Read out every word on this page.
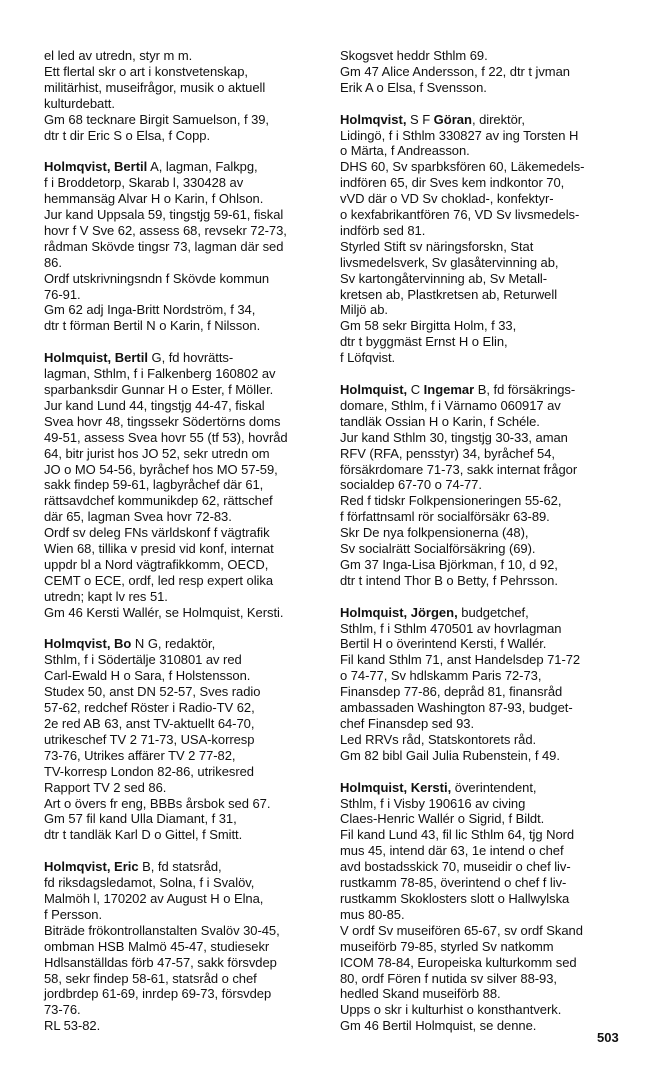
el led av utredn, styr m m.
Ett flertal skr o art i konstvetenskap,
militärhist, museifrågor, musik o aktuell
kulturdebatt.
Gm 68 tecknare Birgit Samuelson, f 39,
dtr t dir Eric S o Elsa, f Copp.
Holmqvist, Bertil A, lagman, Falkpg,
f i Broddetorp, Skarab l, 330428 av
hemmansäg Alvar H o Karin, f Ohlson.
Jur kand Uppsala 59, tingstjg 59-61, fiskal
hovr f V Sve 62, assess 68, revsekr 72-73,
rådman Skövde tingsr 73, lagman där sed
86.
Ordf utskrivningsndn f Skövde kommun
76-91.
Gm 62 adj Inga-Britt Nordström, f 34,
dtr t förman Bertil N o Karin, f Nilsson.
Holmquist, Bertil G, fd hovrätts-
lagman, Sthlm, f i Falkenberg 160802 av
sparbanksdir Gunnar H o Ester, f Möller.
Jur kand Lund 44, tingstjg 44-47, fiskal
Svea hovr 48, tingssekr Södertörns doms
49-51, assess Svea hovr 55 (tf 53), hovråd
64, bitr jurist hos JO 52, sekr utredn om
JO o MO 54-56, byråchef hos MO 57-59,
sakk findep 59-61, lagbyråchef där 61,
rättsavdchef kommunikdep 62, rättschef
där 65, lagman Svea hovr 72-83.
Ordf sv deleg FNs världskonf f vägtrafik
Wien 68, tillika v presid vid konf, internat
uppdr bl a Nord vägtrafikkomm, OECD,
CEMT o ECE, ordf, led resp expert olika
utredn; kapt lv res 51.
Gm 46 Kersti Wallér, se Holmquist, Kersti.
Holmqvist, Bo N G, redaktör,
Sthlm, f i Södertälje 310801 av red
Carl-Ewald H o Sara, f Holstensson.
Studex 50, anst DN 52-57, Sves radio
57-62, redchef Röster i Radio-TV 62,
2e red AB 63, anst TV-aktuellt 64-70,
utrikeschef TV 2 71-73, USA-korresp
73-76, Utrikes affärer TV 2 77-82,
TV-korresp London 82-86, utrikesred
Rapport TV 2 sed 86.
Art o övers fr eng, BBBs årsbok sed 67.
Gm 57 fil kand Ulla Diamant, f 31,
dtr t tandläk Karl D o Gittel, f Smitt.
Holmqvist, Eric B, fd statsråd,
fd riksdagsledamot, Solna, f i Svalöv,
Malmöh l, 170202 av August H o Elna,
f Persson.
Biträde frökontrollanstalten Svalöv 30-45,
ombman HSB Malmö 45-47, studiesekr
Hdlsanställdas förb 47-57, sakk försvdep
58, sekr findep 58-61, statsråd o chef
jordbrdep 61-69, inrdep 69-73, försvdep
73-76.
RL 53-82.
Skogsvet heddr Sthlm 69.
Gm 47 Alice Andersson, f 22, dtr t jvman
Erik A o Elsa, f Svensson.
Holmqvist, S F Göran, direktör,
Lidingö, f i Sthlm 330827 av ing Torsten H
o Märta, f Andreasson.
DHS 60, Sv sparbksfören 60, Läkemedels-
indfören 65, dir Sves kem indkontor 70,
vVD där o VD Sv choklad-, konfektyr-
o kexfabrikantfören 76, VD Sv livsmedels-
indförb sed 81.
Styrled Stift sv näringsforskn, Stat
livsmedelsverk, Sv glasåtervinning ab,
Sv kartongåtervinning ab, Sv Metall-
kretsen ab, Plastkretsen ab, Returwell
Miljö ab.
Gm 58 sekr Birgitta Holm, f 33,
dtr t byggmäst Ernst H o Elin,
f Löfqvist.
Holmquist, C Ingemar B, fd försäkrings-
domare, Sthlm, f i Värnamo 060917 av
tandläk Ossian H o Karin, f Schéle.
Jur kand Sthlm 30, tingstjg 30-33, aman
RFV (RFA, pensstyr) 34, byråchef 54,
försäkrdomare 71-73, sakk internat frågor
socialdep 67-70 o 74-77.
Red f tidskr Folkpensioneringen 55-62,
f författnsaml rör socialförsäkr 63-89.
Skr De nya folkpensionerna (48),
Sv socialrätt Socialförsäkring (69).
Gm 37 Inga-Lisa Björkman, f 10, d 92,
dtr t intend Thor B o Betty, f Pehrsson.
Holmquist, Jörgen, budgetchef,
Sthlm, f i Sthlm 470501 av hovrlagman
Bertil H o överintend Kersti, f Wallér.
Fil kand Sthlm 71, anst Handelsdep 71-72
o 74-77, Sv hdlskamm Paris 72-73,
Finansdep 77-86, depråd 81, finansråd
ambassaden Washington 87-93, budget-
chef Finansdep sed 93.
Led RRVs råd, Statskontorets råd.
Gm 82 bibl Gail Julia Rubenstein, f 49.
Holmquist, Kersti, överintendent,
Sthlm, f i Visby 190616 av civing
Claes-Henric Wallér o Sigrid, f Bildt.
Fil kand Lund 43, fil lic Sthlm 64, tjg Nord
mus 45, intend där 63, 1e intend o chef
avd bostadsskick 70, museidir o chef liv-
rustkamm 78-85, överintend o chef f liv-
rustkamm Skoklosters slott o Hallwylska
mus 80-85.
V ordf Sv museifören 65-67, sv ordf Skand
museiförb 79-85, styrled Sv natkomm
ICOM 78-84, Europeiska kulturkomm sed
80, ordf Fören f nutida sv silver 88-93,
hedled Skand museiförb 88.
Upps o skr i kulturhist o konsthantverk.
Gm 46 Bertil Holmquist, se denne.
503
